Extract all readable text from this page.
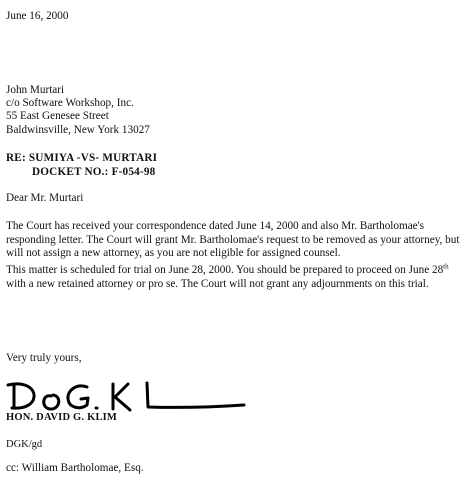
June 16, 2000
John Murtari
c/o Software Workshop, Inc.
55 East Genesee Street
Baldwinsville, New York 13027
RE: SUMIYA -VS- MURTARI
DOCKET NO.: F-054-98
Dear Mr. Murtari
The Court has received your correspondence dated June 14, 2000 and also Mr. Bartholomae's responding letter. The Court will grant Mr. Bartholomae's request to be removed as your attorney, but will not assign a new attorney, as you are not eligible for assigned counsel.
This matter is scheduled for trial on June 28, 2000. You should be prepared to proceed on June 28th with a new retained attorney or pro se. The Court will not grant any adjournments on this trial.
Very truly yours,
HON. DAVID G. KLIM
DGK/gd
cc: William Bartholomae, Esq.
